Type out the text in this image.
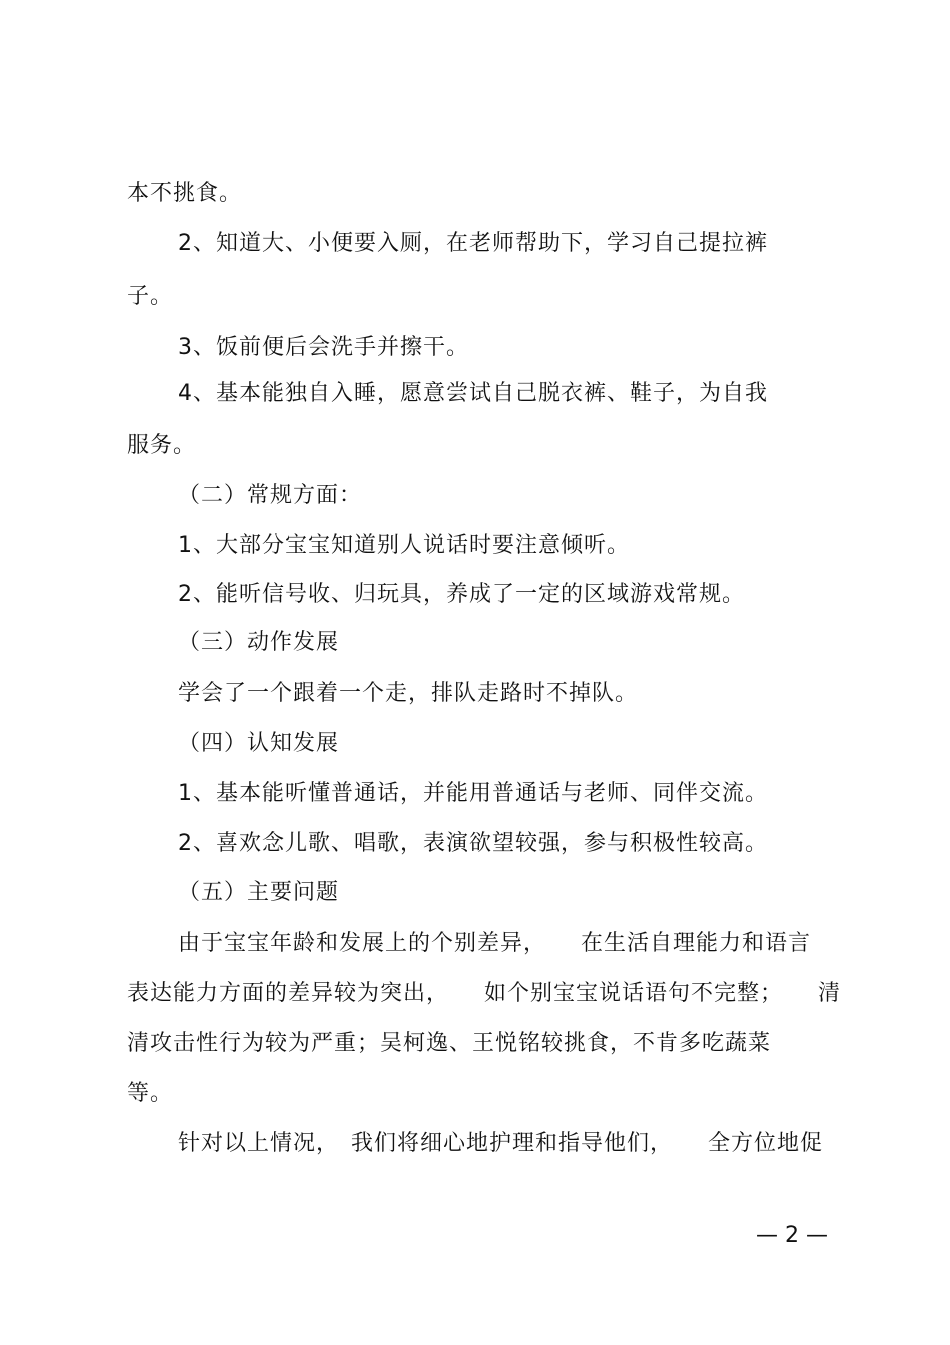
本不挑食。
2、知道大、小便要入厕，在老师帮助下，学习自己提拉裤
子。
3、饭前便后会洗手并擦干。
4、基本能独自入睡，愿意尝试自己脱衣裤、鞋子，为自我
服务。
（二）常规方面：
1、大部分宝宝知道别人说话时要注意倾听。
2、能听信号收、归玩具，养成了一定的区域游戏常规。
（三）动作发展
学会了一个跟着一个走，排队走路时不掉队。
（四）认知发展
1、基本能听懂普通话，并能用普通话与老师、同伴交流。
2、喜欢念儿歌、唱歌，表演欲望较强，参与积极性较高。
（五）主要问题
由于宝宝年龄和发展上的个别差异，　　在生活自理能力和语言
表达能力方面的差异较为突出，　　如个别宝宝说话语句不完整；　　清
清攻击性行为较为严重；吴柯逸、王悦铭较挑食，不肯多吃蔬菜
等。
针对以上情况，　我们将细心地护理和指导他们，　　全方位地促
— 2 —
